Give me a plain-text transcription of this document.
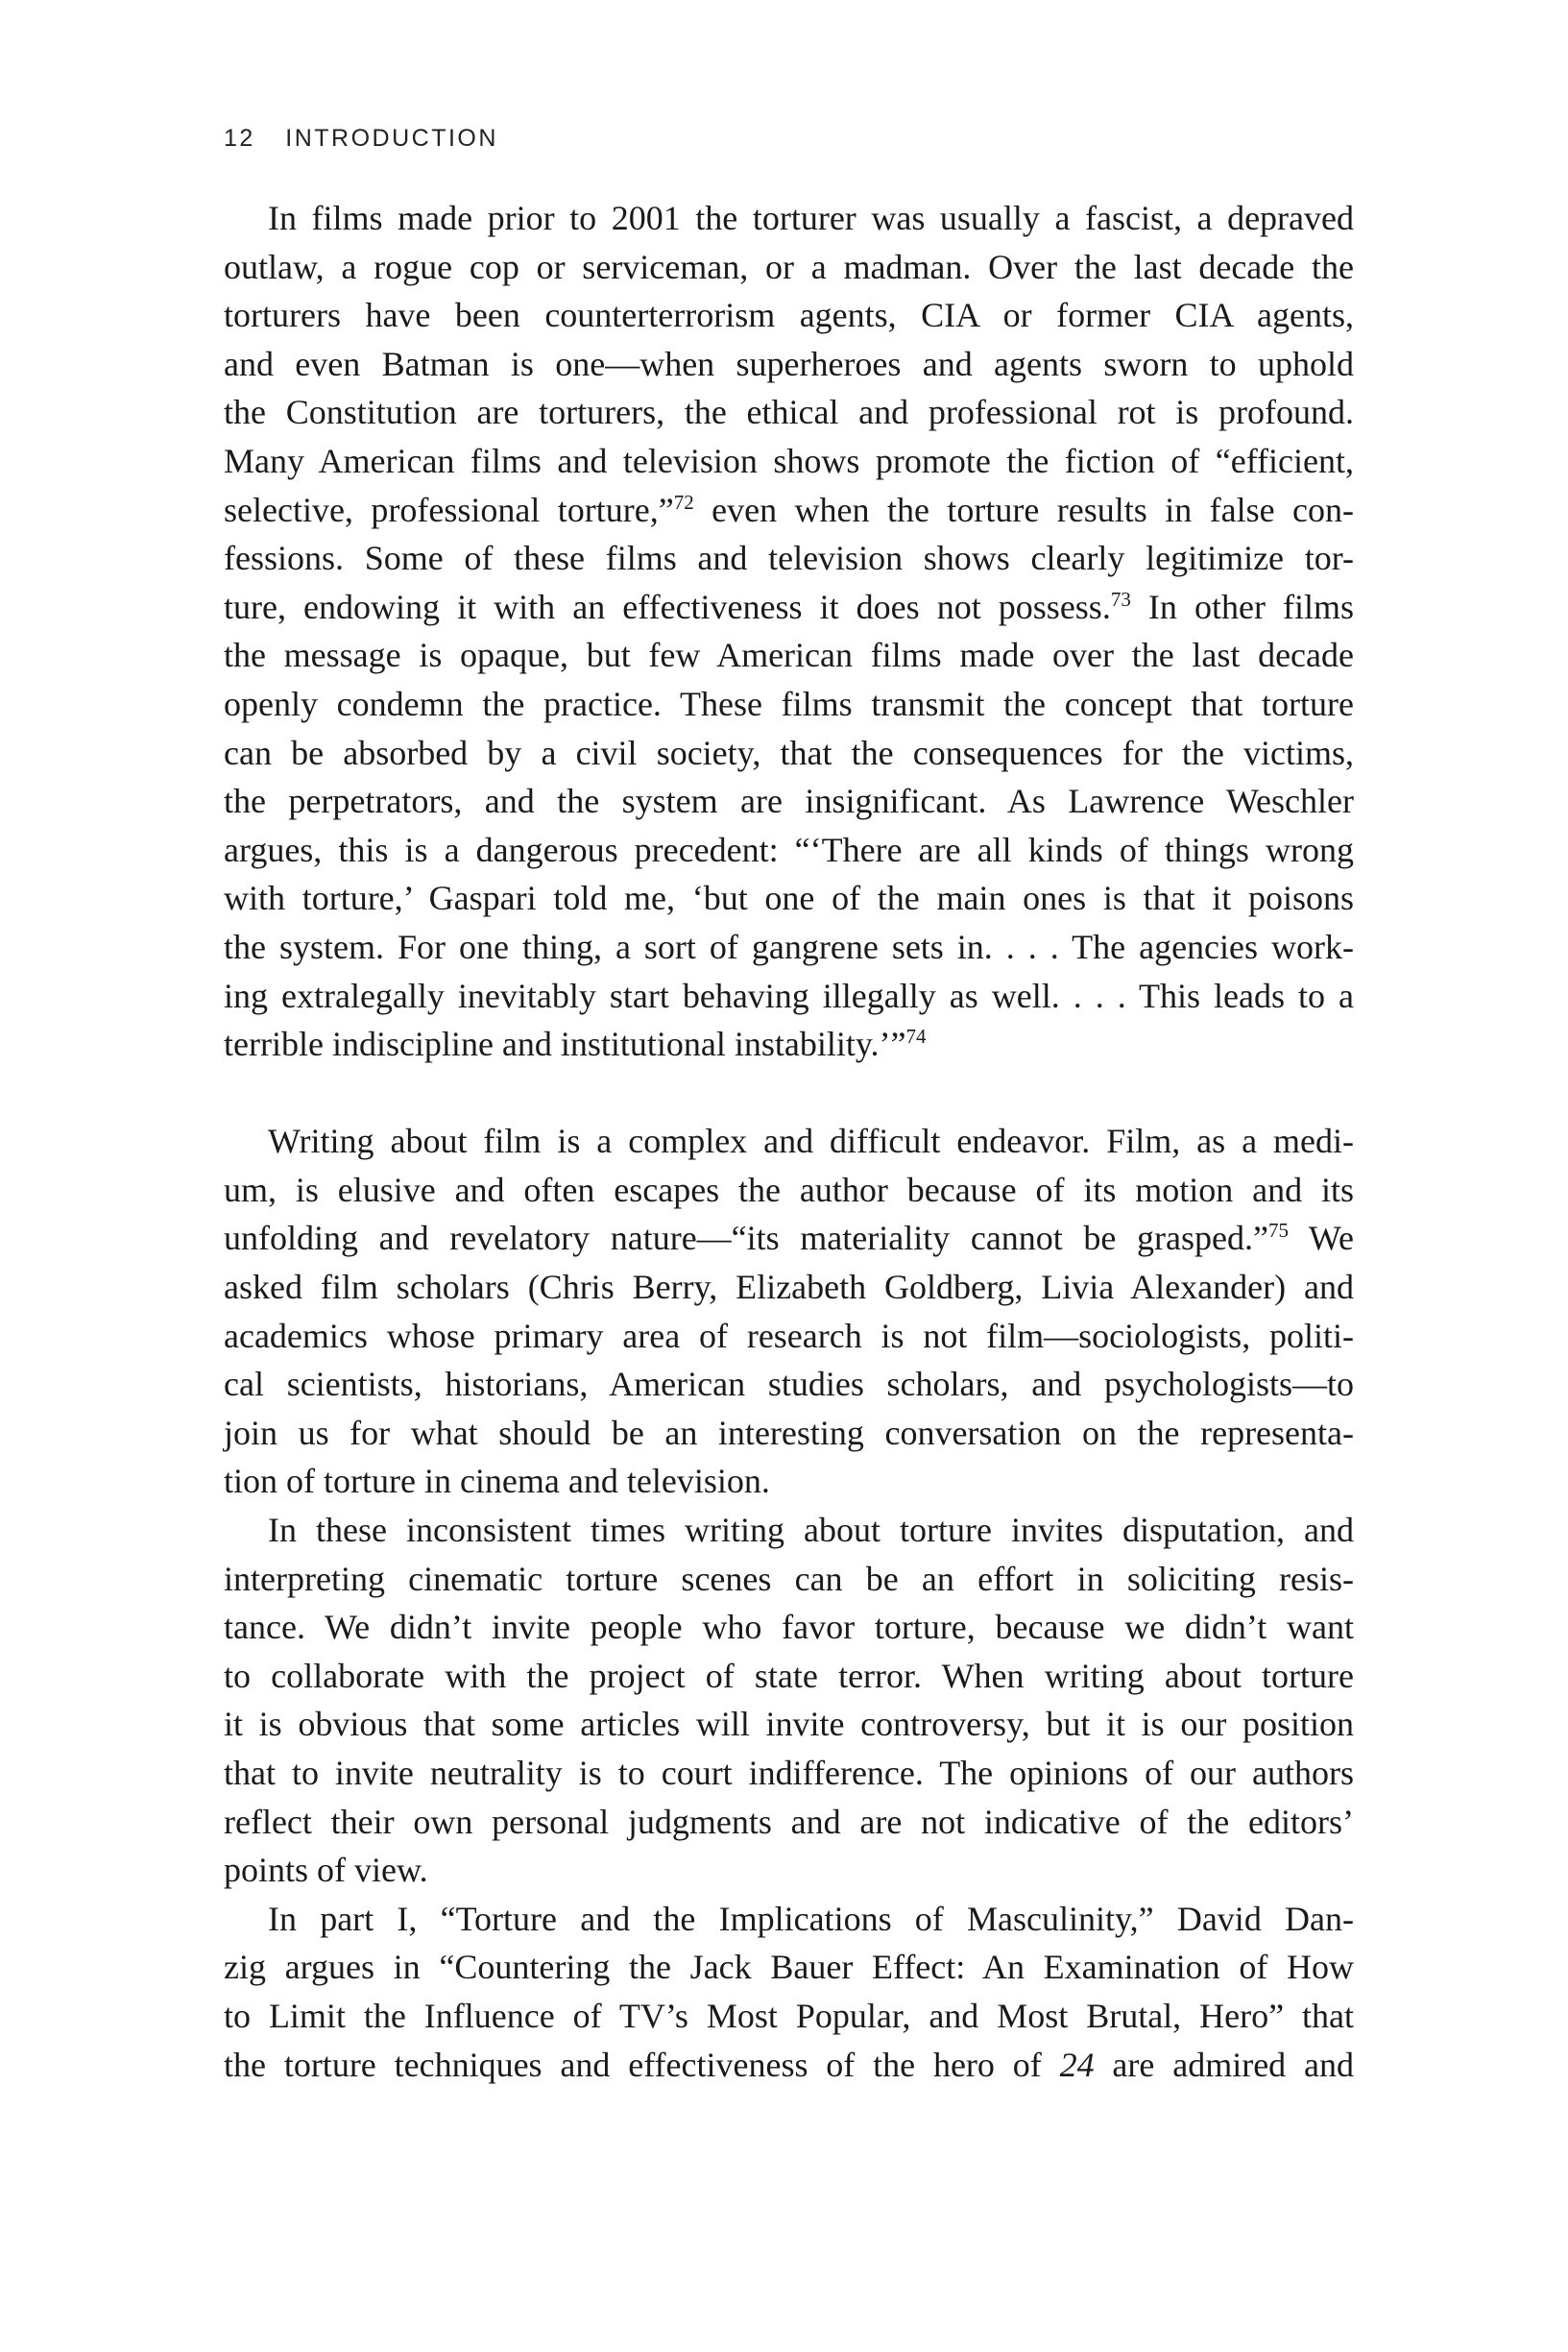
12 INTRODUCTION
In films made prior to 2001 the torturer was usually a fascist, a depraved
outlaw, a rogue cop or serviceman, or a madman. Over the last decade the
torturers have been counterterrorism agents, CIA or former CIA agents,
and even Batman is one—when superheroes and agents sworn to uphold
the Constitution are torturers, the ethical and professional rot is profound.
Many American films and television shows promote the fiction of “efficient,
selective, professional torture,”$^{72}$ even when the torture results in false con-
fessions. Some of these films and television shows clearly legitimize tor-
ture, endowing it with an effectiveness it does not possess.$^{73}$ In other films
the message is opaque, but few American films made over the last decade
openly condemn the practice. These films transmit the concept that torture
can be absorbed by a civil society, that the consequences for the victims,
the perpetrators, and the system are insignificant. As Lawrence Weschler
argues, this is a dangerous precedent: “‘There are all kinds of things wrong
with torture,’ Gaspari told me, ‘but one of the main ones is that it poisons
the system. For one thing, a sort of gangrene sets in. . . . The agencies work-
ing extralegally inevitably start behaving illegally as well. . . . This leads to a
terrible indiscipline and institutional instability.’”$^{74}$
Writing about film is a complex and difficult endeavor. Film, as a medi-
um, is elusive and often escapes the author because of its motion and its
unfolding and revelatory nature—“its materiality cannot be grasped.”$^{75}$ We
asked film scholars (Chris Berry, Elizabeth Goldberg, Livia Alexander) and
academics whose primary area of research is not film—sociologists, politi-
cal scientists, historians, American studies scholars, and psychologists—to
join us for what should be an interesting conversation on the representa-
tion of torture in cinema and television.
In these inconsistent times writing about torture invites disputation, and
interpreting cinematic torture scenes can be an effort in soliciting resis-
tance. We didn’t invite people who favor torture, because we didn’t want
to collaborate with the project of state terror. When writing about torture
it is obvious that some articles will invite controversy, but it is our position
that to invite neutrality is to court indifference. The opinions of our authors
reflect their own personal judgments and are not indicative of the editors’
points of view.
In part I, “Torture and the Implications of Masculinity,” David Dan-
zig argues in “Countering the Jack Bauer Effect: An Examination of How
to Limit the Influence of TV’s Most Popular, and Most Brutal, Hero” that
the torture techniques and effectiveness of the hero of 24 are admired and
